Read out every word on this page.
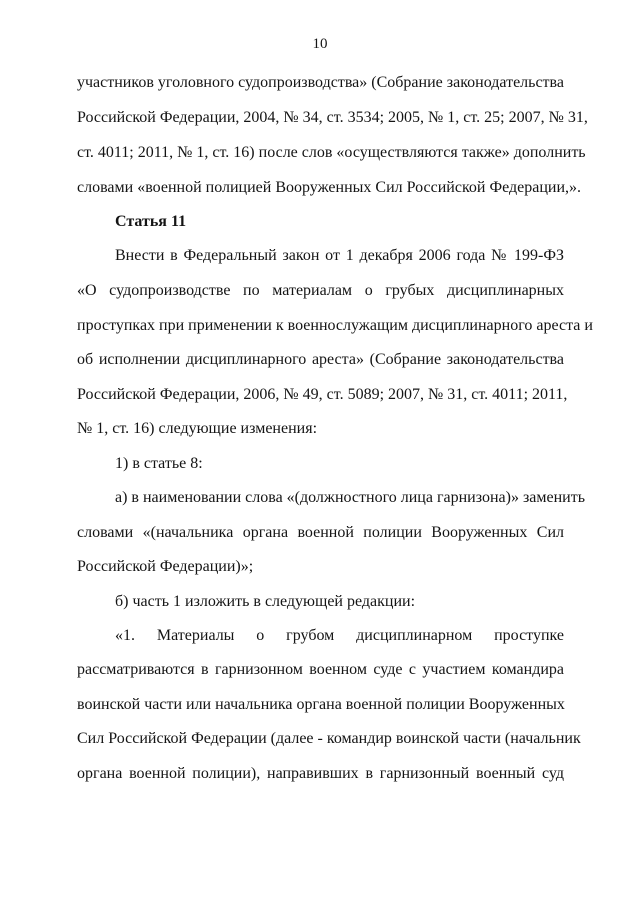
10
участников уголовного судопроизводства» (Собрание законодательства
Российской Федерации, 2004, № 34, ст. 3534; 2005, № 1, ст. 25; 2007, № 31,
ст. 4011; 2011, № 1, ст. 16) после слов «осуществляются также» дополнить
словами «военной полицией Вооруженных Сил Российской Федерации,».
Статья 11
Внести в Федеральный закон от 1 декабря 2006 года № 199-ФЗ
«О судопроизводстве по материалам о грубых дисциплинарных
проступках при применении к военнослужащим дисциплинарного ареста и
об исполнении дисциплинарного ареста» (Собрание законодательства
Российской Федерации, 2006, № 49, ст. 5089; 2007, № 31, ст. 4011; 2011,
№ 1, ст. 16) следующие изменения:
1) в статье 8:
а) в наименовании слова «(должностного лица гарнизона)» заменить
словами «(начальника органа военной полиции Вооруженных Сил
Российской Федерации)»;
б) часть 1 изложить в следующей редакции:
«1. Материалы о грубом дисциплинарном проступке
рассматриваются в гарнизонном военном суде с участием командира
воинской части или начальника органа военной полиции Вооруженных
Сил Российской Федерации (далее - командир воинской части (начальник
органа военной полиции), направивших в гарнизонный военный суд
